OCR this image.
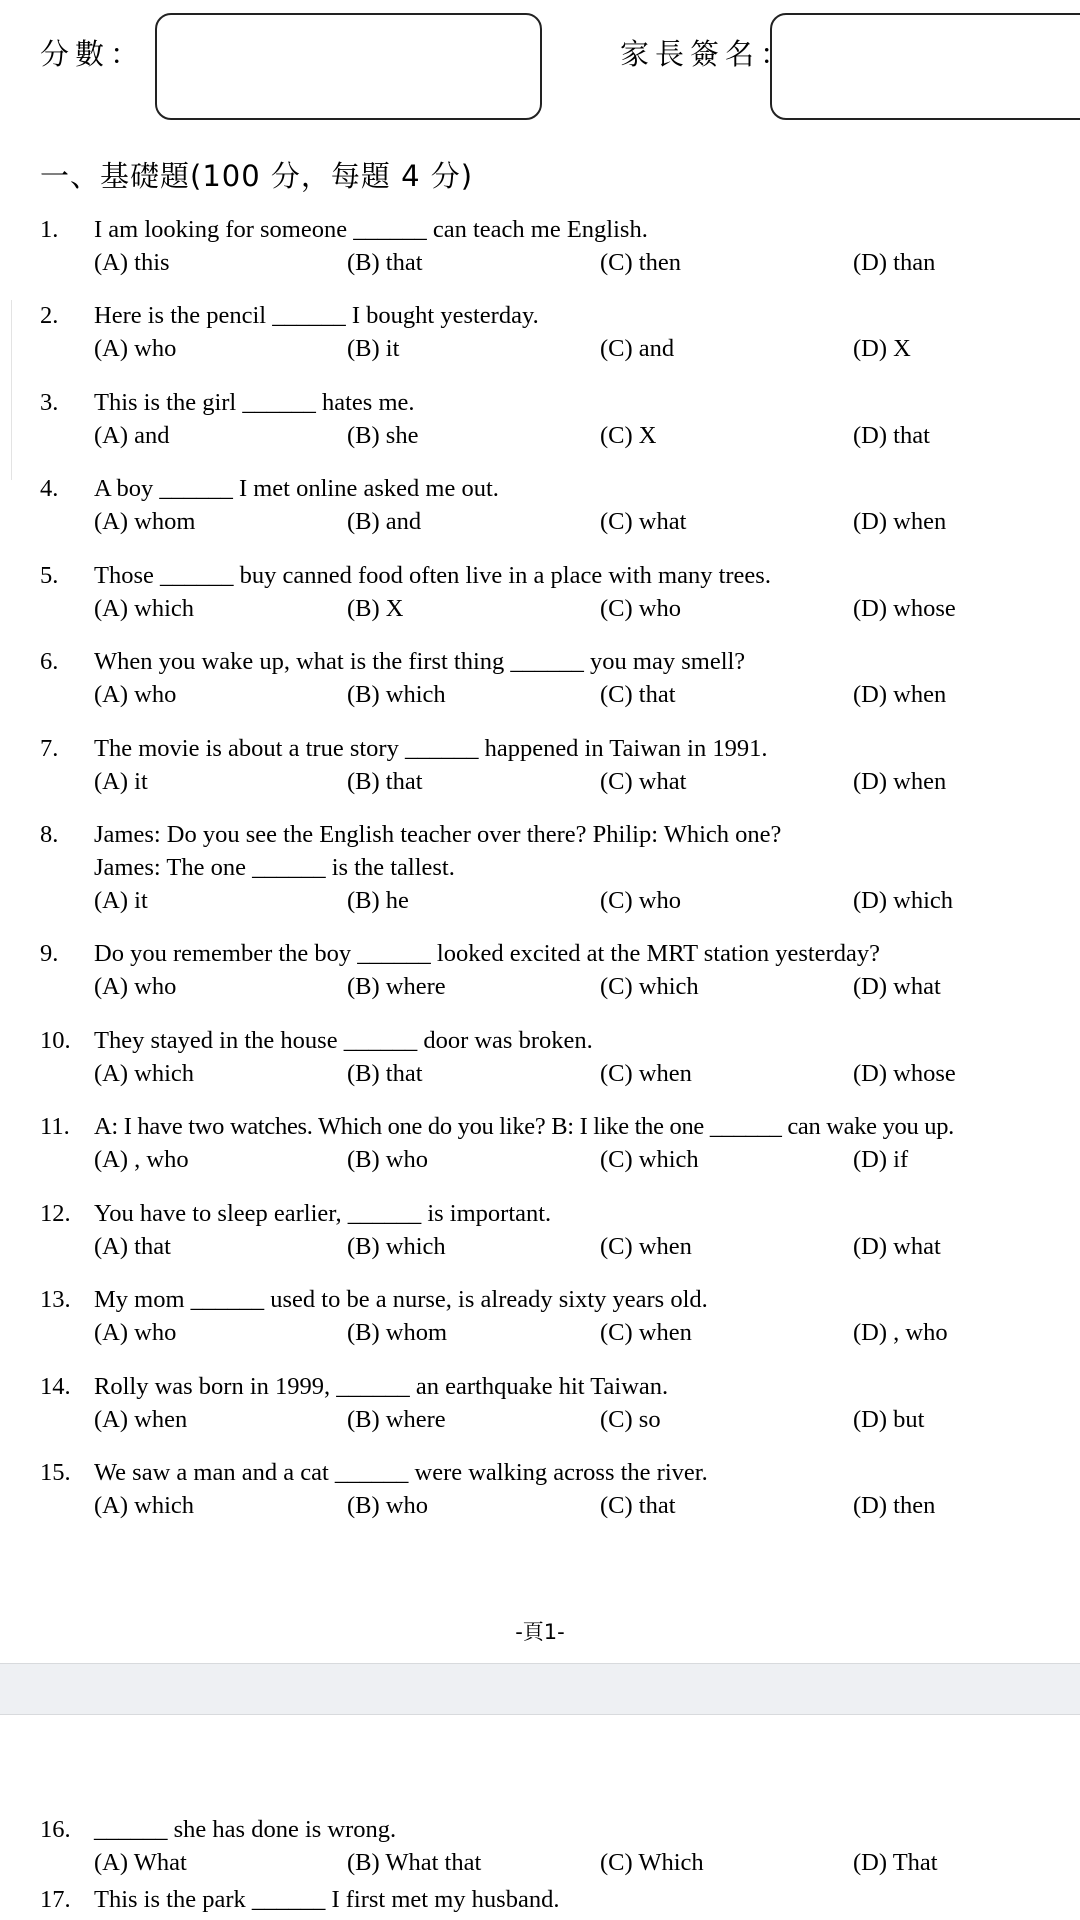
分數：	家長簽名：
一、基礎題(100 分，每題 4 分)
1. I am looking for someone ______ can teach me English.
(A) this	(B) that	(C) then	(D) than
2. Here is the pencil ______ I bought yesterday.
(A) who	(B) it	(C) and	(D) X
3. This is the girl ______ hates me.
(A) and	(B) she	(C) X	(D) that
4. A boy ______ I met online asked me out.
(A) whom	(B) and	(C) what	(D) when
5. Those ______ buy canned food often live in a place with many trees.
(A) which	(B) X	(C) who	(D) whose
6. When you wake up, what is the first thing ______ you may smell?
(A) who	(B) which	(C) that	(D) when
7. The movie is about a true story ______ happened in Taiwan in 1991.
(A) it	(B) that	(C) what	(D) when
8. James: Do you see the English teacher over there? Philip: Which one?
James: The one ______ is the tallest.
(A) it	(B) he	(C) who	(D) which
9. Do you remember the boy ______ looked excited at the MRT station yesterday?
(A) who	(B) where	(C) which	(D) what
10. They stayed in the house ______ door was broken.
(A) which	(B) that	(C) when	(D) whose
11. A: I have two watches. Which one do you like? B: I like the one ______ can wake you up.
(A) , who	(B) who	(C) which	(D) if
12. You have to sleep earlier, ______ is important.
(A) that	(B) which	(C) when	(D) what
13. My mom ______ used to be a nurse, is already sixty years old.
(A) who	(B) whom	(C) when	(D) , who
14. Rolly was born in 1999, ______ an earthquake hit Taiwan.
(A) when	(B) where	(C) so	(D) but
15. We saw a man and a cat ______ were walking across the river.
(A) which	(B) who	(C) that	(D) then
-頁1-
16. ______ she has done is wrong.
(A) What	(B) What that	(C) Which	(D) That
17. This is the park ______ I first met my husband.
